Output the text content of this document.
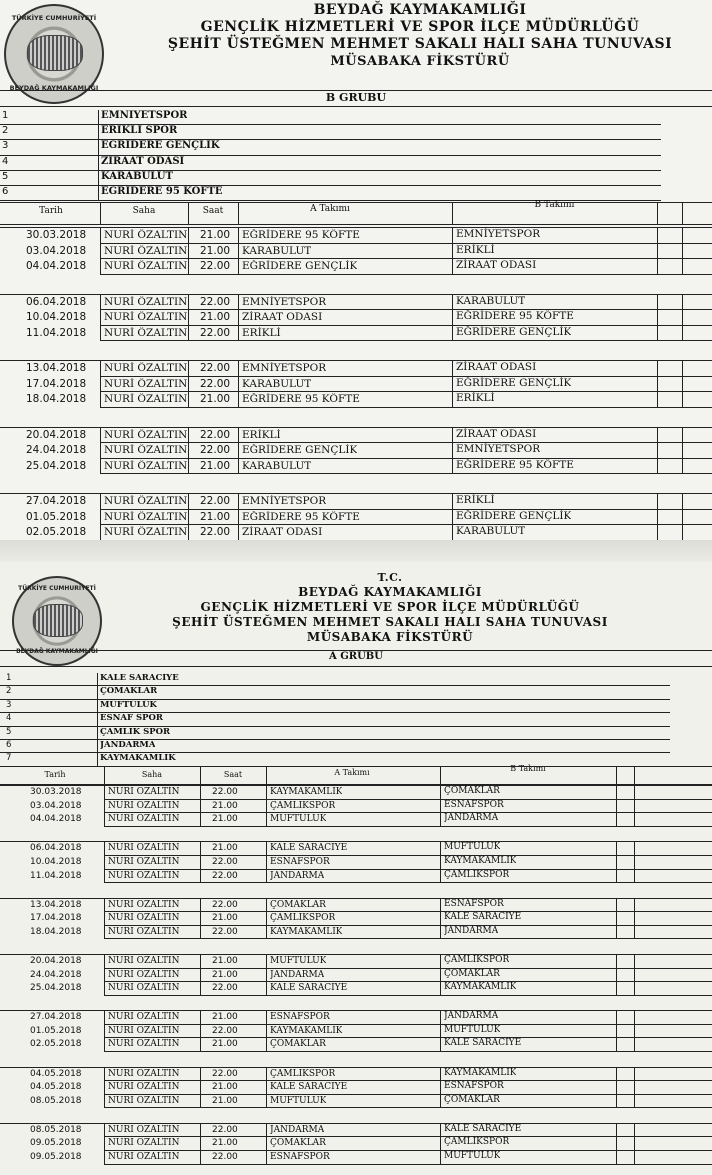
TÜRKİYE CUMHURİYETİ
BEYDAĞ KAYMAKAMLIĞI
BEYDAĞ KAYMAKAMLIĞI
GENÇLİK HİZMETLERİ VE SPOR İLÇE MÜDÜRLÜĞÜ
ŞEHİT ÜSTEĞMEN MEHMET SAKALI HALI SAHA TUNUVASI
MÜSABAKA FİKSTÜRÜ
B GRUBU
1	EMNİYETSPOR
2	ERİKLİ SPOR
3	EĞRİDERE GENÇLİK
4	ZİRAAT ODASI
5	KARABULUT
6	EĞRİDERE 95 KÖFTE
Tarih	Saha	Saat	A Takımı	B Takımı
30.03.2018 NURİ ÖZALTIN 21.00 EĞRİDERE 95 KÖFTE	EMNİYETSPOR
03.04.2018 NURİ ÖZALTIN 21.00 KARABULUT	ERİKLİ
04.04.2018 NURİ ÖZALTIN 22.00 EĞRİDERE GENÇLİK	ZİRAAT ODASI
06.04.2018 NURİ ÖZALTIN 22.00 EMNİYETSPOR	KARABULUT
10.04.2018 NURİ ÖZALTIN 21.00 ZİRAAT ODASI	EĞRİDERE 95 KÖFTE
11.04.2018 NURİ ÖZALTIN 22.00 ERİKLİ	EĞRİDERE GENÇLİK
13.04.2018 NURİ ÖZALTIN 22.00 EMNİYETSPOR	ZİRAAT ODASI
17.04.2018 NURİ ÖZALTIN 22.00 KARABULUT	EĞRİDERE GENÇLİK
18.04.2018 NURİ ÖZALTIN 21.00 EĞRİDERE 95 KÖFTE	ERİKLİ
20.04.2018 NURİ ÖZALTIN 22.00 ERİKLİ	ZİRAAT ODASI
24.04.2018 NURİ ÖZALTIN 22.00 EĞRİDERE GENÇLİK	EMNİYETSPOR
25.04.2018 NURİ ÖZALTIN 21.00 KARABULUT	EĞRİDERE 95 KÖFTE
27.04.2018 NURİ ÖZALTIN 22.00 EMNİYETSPOR	ERİKLİ
01.05.2018 NURİ ÖZALTIN 21.00 EĞRİDERE 95 KÖFTE	EĞRİDERE GENÇLİK
02.05.2018 NURİ ÖZALTIN 22.00 ZİRAAT ODASI	KARABULUT
TÜRKİYE CUMHURİYETİ
BEYDAĞ KAYMAKAMLIĞI
T.C.
BEYDAĞ KAYMAKAMLIĞI
GENÇLİK HİZMETLERİ VE SPOR İLÇE MÜDÜRLÜĞÜ
ŞEHİT ÜSTEĞMEN MEHMET SAKALI HALI SAHA TUNUVASI
MÜSABAKA FİKSTÜRÜ
A GRUBU
1	KALE SARACİYE
2	ÇOMAKLAR
3	MÜFTÜLÜK
4	ESNAF SPOR
5	ÇAMLIK SPOR
6	JANDARMA
7	KAYMAKAMLIK
Tarih	Saha	Saat	A Takımı	B Takımı
30.03.2018	NURİ ÖZALTIN	22.00	KAYMAKAMLIK	ÇOMAKLAR
03.04.2018	NURİ ÖZALTIN	21.00	ÇAMLIKSPOR	ESNAFSPOR
04.04.2018	NURİ ÖZALTIN	21.00	MÜFTÜLÜK	JANDARMA
06.04.2018	NURİ ÖZALTIN	21.00	KALE SARACİYE	MÜFTÜLÜK
10.04.2018	NURİ ÖZALTIN	22.00	ESNAFSPOR	KAYMAKAMLIK
11.04.2018	NURİ ÖZALTIN	22.00	JANDARMA	ÇAMLIKSPOR
13.04.2018	NURİ ÖZALTIN	22.00	ÇOMAKLAR	ESNAFSPOR
17.04.2018	NURİ ÖZALTIN	21.00	ÇAMLIKSPOR	KALE SARACİYE
18.04.2018	NURİ ÖZALTIN	22.00	KAYMAKAMLIK	JANDARMA
20.04.2018	NURİ ÖZALTIN	21.00	MÜFTÜLÜK	ÇAMLIKSPOR
24.04.2018	NURİ ÖZALTIN	21.00	JANDARMA	ÇOMAKLAR
25.04.2018	NURİ ÖZALTIN	22.00	KALE SARACİYE	KAYMAKAMLIK
27.04.2018	NURİ ÖZALTIN	21.00	ESNAFSPOR	JANDARMA
01.05.2018	NURİ ÖZALTIN	22.00	KAYMAKAMLIK	MÜFTÜLÜK
02.05.2018	NURİ ÖZALTIN	21.00	ÇOMAKLAR	KALE SARACİYE
04.05.2018	NURİ ÖZALTIN	22.00	ÇAMLIKSPOR	KAYMAKAMLIK
04.05.2018	NURİ ÖZALTIN	21.00	KALE SARACİYE	ESNAFSPOR
08.05.2018	NURİ ÖZALTIN	21.00	MÜFTÜLÜK	ÇOMAKLAR
08.05.2018	NURİ ÖZALTIN	22.00	JANDARMA	KALE SARACİYE
09.05.2018	NURİ ÖZALTIN	21.00	ÇOMAKLAR	ÇAMLIKSPOR
09.05.2018	NURİ ÖZALTIN	22.00	ESNAFSPOR	MÜFTÜLÜK
